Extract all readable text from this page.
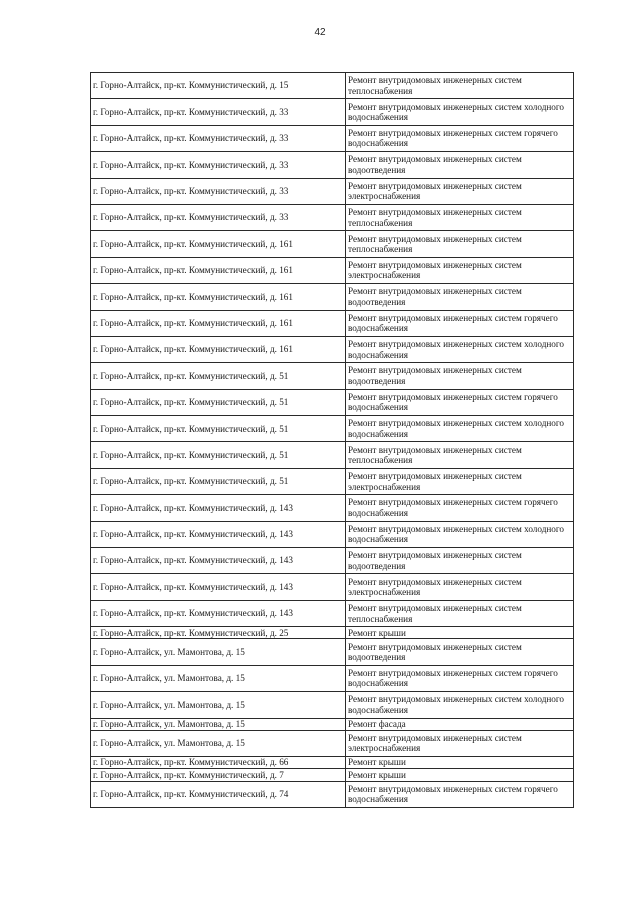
42
г. Горно-Алтайск, пр-кт. Коммунистический, д. 15	Ремонт внутридомовых инженерных систем теплоснабжения
г. Горно-Алтайск, пр-кт. Коммунистический, д. 33	Ремонт внутридомовых инженерных систем холодного водоснабжения
г. Горно-Алтайск, пр-кт. Коммунистический, д. 33	Ремонт внутридомовых инженерных систем горячего водоснабжения
г. Горно-Алтайск, пр-кт. Коммунистический, д. 33	Ремонт внутридомовых инженерных систем водоотведения
г. Горно-Алтайск, пр-кт. Коммунистический, д. 33	Ремонт внутридомовых инженерных систем электроснабжения
г. Горно-Алтайск, пр-кт. Коммунистический, д. 33	Ремонт внутридомовых инженерных систем теплоснабжения
г. Горно-Алтайск, пр-кт. Коммунистический, д. 161	Ремонт внутридомовых инженерных систем теплоснабжения
г. Горно-Алтайск, пр-кт. Коммунистический, д. 161	Ремонт внутридомовых инженерных систем электроснабжения
г. Горно-Алтайск, пр-кт. Коммунистический, д. 161	Ремонт внутридомовых инженерных систем водоотведения
г. Горно-Алтайск, пр-кт. Коммунистический, д. 161	Ремонт внутридомовых инженерных систем горячего водоснабжения
г. Горно-Алтайск, пр-кт. Коммунистический, д. 161	Ремонт внутридомовых инженерных систем холодного водоснабжения
г. Горно-Алтайск, пр-кт. Коммунистический, д. 51	Ремонт внутридомовых инженерных систем водоотведения
г. Горно-Алтайск, пр-кт. Коммунистический, д. 51	Ремонт внутридомовых инженерных систем горячего водоснабжения
г. Горно-Алтайск, пр-кт. Коммунистический, д. 51	Ремонт внутридомовых инженерных систем холодного водоснабжения
г. Горно-Алтайск, пр-кт. Коммунистический, д. 51	Ремонт внутридомовых инженерных систем теплоснабжения
г. Горно-Алтайск, пр-кт. Коммунистический, д. 51	Ремонт внутридомовых инженерных систем электроснабжения
г. Горно-Алтайск, пр-кт. Коммунистический, д. 143	Ремонт внутридомовых инженерных систем горячего водоснабжения
г. Горно-Алтайск, пр-кт. Коммунистический, д. 143	Ремонт внутридомовых инженерных систем холодного водоснабжения
г. Горно-Алтайск, пр-кт. Коммунистический, д. 143	Ремонт внутридомовых инженерных систем водоотведения
г. Горно-Алтайск, пр-кт. Коммунистический, д. 143	Ремонт внутридомовых инженерных систем электроснабжения
г. Горно-Алтайск, пр-кт. Коммунистический, д. 143	Ремонт внутридомовых инженерных систем теплоснабжения
г. Горно-Алтайск, пр-кт. Коммунистический, д. 25	Ремонт крыши
г. Горно-Алтайск, ул. Мамонтова, д. 15	Ремонт внутридомовых инженерных систем водоотведения
г. Горно-Алтайск, ул. Мамонтова, д. 15	Ремонт внутридомовых инженерных систем горячего водоснабжения
г. Горно-Алтайск, ул. Мамонтова, д. 15	Ремонт внутридомовых инженерных систем холодного водоснабжения
г. Горно-Алтайск, ул. Мамонтова, д. 15	Ремонт фасада
г. Горно-Алтайск, ул. Мамонтова, д. 15	Ремонт внутридомовых инженерных систем электроснабжения
г. Горно-Алтайск, пр-кт. Коммунистический, д. 66	Ремонт крыши
г. Горно-Алтайск, пр-кт. Коммунистический, д. 7	Ремонт крыши
г. Горно-Алтайск, пр-кт. Коммунистический, д. 74	Ремонт внутридомовых инженерных систем горячего водоснабжения
